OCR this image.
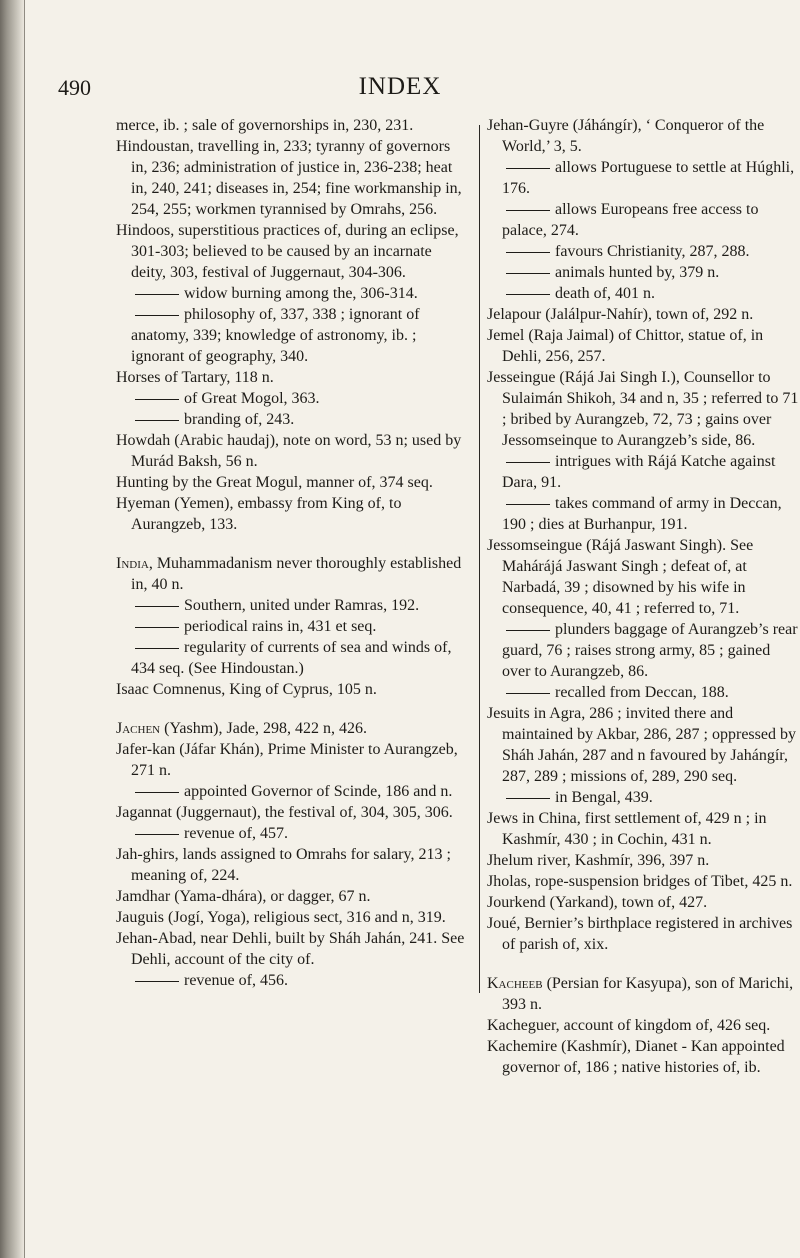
490	INDEX
merce, ib. ; sale of governorships in, 230, 231.
Hindoustan, travelling in, 233; tyranny of governors in, 236; administration of justice in, 236-238; heat in, 240, 241; diseases in, 254; fine workmanship in, 254, 255; workmen tyrannised by Omrahs, 256.
Hindoos, superstitious practices of, during an eclipse, 301-303; believed to be caused by an incarnate deity, 303, festival of Juggernaut, 304-306.
widow burning among the, 306-314.
philosophy of, 337, 338 ; ignorant of anatomy, 339; knowledge of astronomy, ib. ; ignorant of geography, 340.
Horses of Tartary, 118 n.
of Great Mogol, 363.
branding of, 243.
Howdah (Arabic haudaj), note on word, 53 n; used by Murád Baksh, 56 n.
Hunting by the Great Mogul, manner of, 374 seq.
Hyeman (Yemen), embassy from King of, to Aurangzeb, 133.
India, Muhammadanism never thoroughly established in, 40 n.
Southern, united under Ramras, 192.
periodical rains in, 431 et seq.
regularity of currents of sea and winds of, 434 seq. (See Hindoustan.)
Isaac Comnenus, King of Cyprus, 105 n.
Jachen (Yashm), Jade, 298, 422 n, 426.
Jafer-kan (Jáfar Khán), Prime Minister to Aurangzeb, 271 n.
appointed Governor of Scinde, 186 and n.
Jagannat (Juggernaut), the festival of, 304, 305, 306.
revenue of, 457.
Jah-ghirs, lands assigned to Omrahs for salary, 213 ; meaning of, 224.
Jamdhar (Yama-dhára), or dagger, 67 n.
Jauguis (Jogí, Yoga), religious sect, 316 and n, 319.
Jehan-Abad, near Dehli, built by Sháh Jahán, 241. See Dehli, account of the city of.
revenue of, 456.
Jehan-Guyre (Jáhángír), ‘ Conqueror of the World,’ 3, 5.
allows Portuguese to settle at Húghli, 176.
allows Europeans free access to palace, 274.
favours Christianity, 287, 288.
animals hunted by, 379 n.
death of, 401 n.
Jelapour (Jalálpur-Nahír), town of, 292 n.
Jemel (Raja Jaimal) of Chittor, statue of, in Dehli, 256, 257.
Jesseingue (Rájá Jai Singh I.), Counsellor to Sulaimán Shikoh, 34 and n, 35 ; referred to 71 ; bribed by Aurangzeb, 72, 73 ; gains over Jessomseinque to Aurangzeb’s side, 86.
intrigues with Rájá Katche against Dara, 91.
takes command of army in Deccan, 190 ; dies at Burhanpur, 191.
Jessomseingue (Rájá Jaswant Singh). See Mahárájá Jaswant Singh ; defeat of, at Narbadá, 39 ; disowned by his wife in consequence, 40, 41 ; referred to, 71.
plunders baggage of Aurangzeb’s rear guard, 76 ; raises strong army, 85 ; gained over to Aurangzeb, 86.
recalled from Deccan, 188.
Jesuits in Agra, 286 ; invited there and maintained by Akbar, 286, 287 ; oppressed by Sháh Jahán, 287 and n favoured by Jahángír, 287, 289 ; missions of, 289, 290 seq.
in Bengal, 439.
Jews in China, first settlement of, 429 n ; in Kashmír, 430 ; in Cochin, 431 n.
Jhelum river, Kashmír, 396, 397 n.
Jholas, rope-suspension bridges of Tibet, 425 n.
Jourkend (Yarkand), town of, 427.
Joué, Bernier’s birthplace registered in archives of parish of, xix.
Kacheeb (Persian for Kasyupa), son of Marichi, 393 n.
Kacheguer, account of kingdom of, 426 seq.
Kachemire (Kashmír), Dianet - Kan appointed governor of, 186 ; native histories of, ib.
